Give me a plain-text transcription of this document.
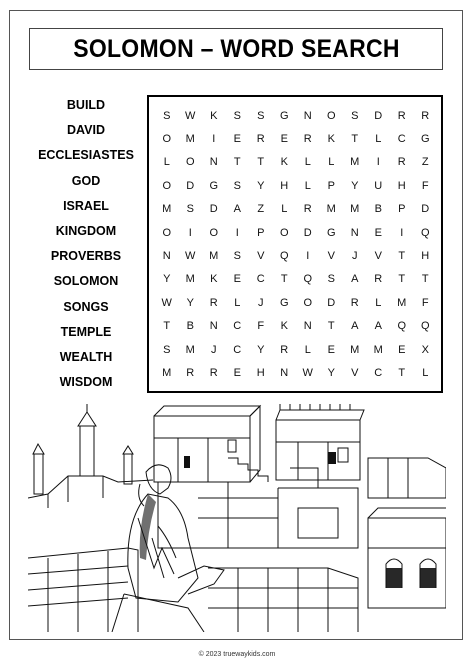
SOLOMON – WORD SEARCH
BUILD
DAVID
ECCLESIASTES
GOD
ISRAEL
KINGDOM
PROVERBS
SOLOMON
SONGS
TEMPLE
WEALTH
WISDOM
S	W	K	S	S	G	N	O	S	D	R	R
O	M	I	E	R	E	R	K	T	L	C	G
L	O	N	T	T	K	L	L	M	I	R	Z
O	D	G	S	Y	H	L	P	Y	U	H	F
M	S	D	A	Z	L	R	M	M	B	P	D
O	I	O	I	P	O	D	G	N	E	I	Q
N	W	M	S	V	Q	I	V	J	V	T	H
Y	M	K	E	C	T	Q	S	A	R	T	T
W	Y	R	L	J	G	O	D	R	L	M	F
T	B	N	C	F	K	N	T	A	A	Q	Q
S	M	J	C	Y	R	L	E	M	M	E	X
M	R	R	E	H	N	W	Y	V	C	T	L
© 2023 truewaykids.com
